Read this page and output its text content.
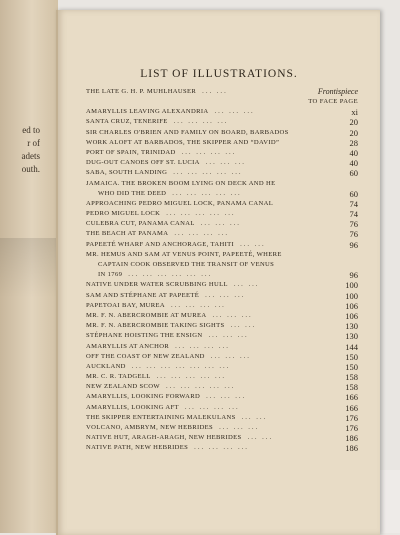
ed to
r of
adets
outh.
LIST OF ILLUSTRATIONS.
THE LATE G. H. P. MUHLHAUSER ... ...	Frontispiece
TO FACE PAGE
AMARYLLIS LEAVING ALEXANDRIA ... ... ...	xi
SANTA CRUZ, TENERIFE ... ... ... ...	20
SIR CHARLES O'BRIEN AND FAMILY ON BOARD, BARBADOS	20
WORK ALOFT AT BARBADOS, THE SKIPPER AND “DAVID”	28
PORT OF SPAIN, TRINIDAD ... ... ... ...	40
DUG-OUT CANOES OFF ST. LUCIA ... ... ...	40
SABA, SOUTH LANDING ... ... ... ... ...	60
JAMAICA. THE BROKEN BOOM LYING ON DECK AND HE
WHO DID THE DEED ... ... ... ... ...	60
APPROACHING PEDRO MIGUEL LOCK, PANAMA CANAL	74
PEDRO MIGUEL LOCK ... ... ... ... ...	74
CULEBRA CUT, PANAMA CANAL ... ... ...	76
THE BEACH AT PANAMA ... ... ... ...	76
PAPEETÉ WHARF AND ANCHORAGE, TAHITI ... ...	96
MR. HEMUS AND SAM AT VENUS POINT, PAPEETÉ, WHERE
CAPTAIN COOK OBSERVED THE TRANSIT OF VENUS
IN 1769 ... ... ... ... ... ...	96
NATIVE UNDER WATER SCRUBBING HULL ... ...	100
SAM AND STÉPHANE AT PAPEETÉ ... ... ...	100
PAPETOAI BAY, MUREA ... ... ... ...	106
MR. F. N. ABERCROMBIE AT MUREA ... ... ...	106
MR. F. N. ABERCROMBIE TAKING SIGHTS ... ...	130
STÉPHANE HOISTING THE ENSIGN ... ... ...	130
AMARYLLIS AT ANCHOR ... ... ... ...	144
OFF THE COAST OF NEW ZEALAND ... ... ...	150
AUCKLAND ... ... ... ... ... ... ...	150
MR. C. R. TADGELL ... ... ... ... ...	158
NEW ZEALAND SCOW ... ... ... ... ...	158
AMARYLLIS, LOOKING FORWARD ... ... ...	166
AMARYLLIS, LOOKING AFT ... ... ... ...	166
THE SKIPPER ENTERTAINING MALEKULANS ... ...	176
VOLCANO, AMBRYM, NEW HEBRIDES ... ... ...	176
NATIVE HUT, ARAGH-ARAGH, NEW HEBRIDES ... ...	186
NATIVE PATH, NEW HEBRIDES ... ... ... ...	186
